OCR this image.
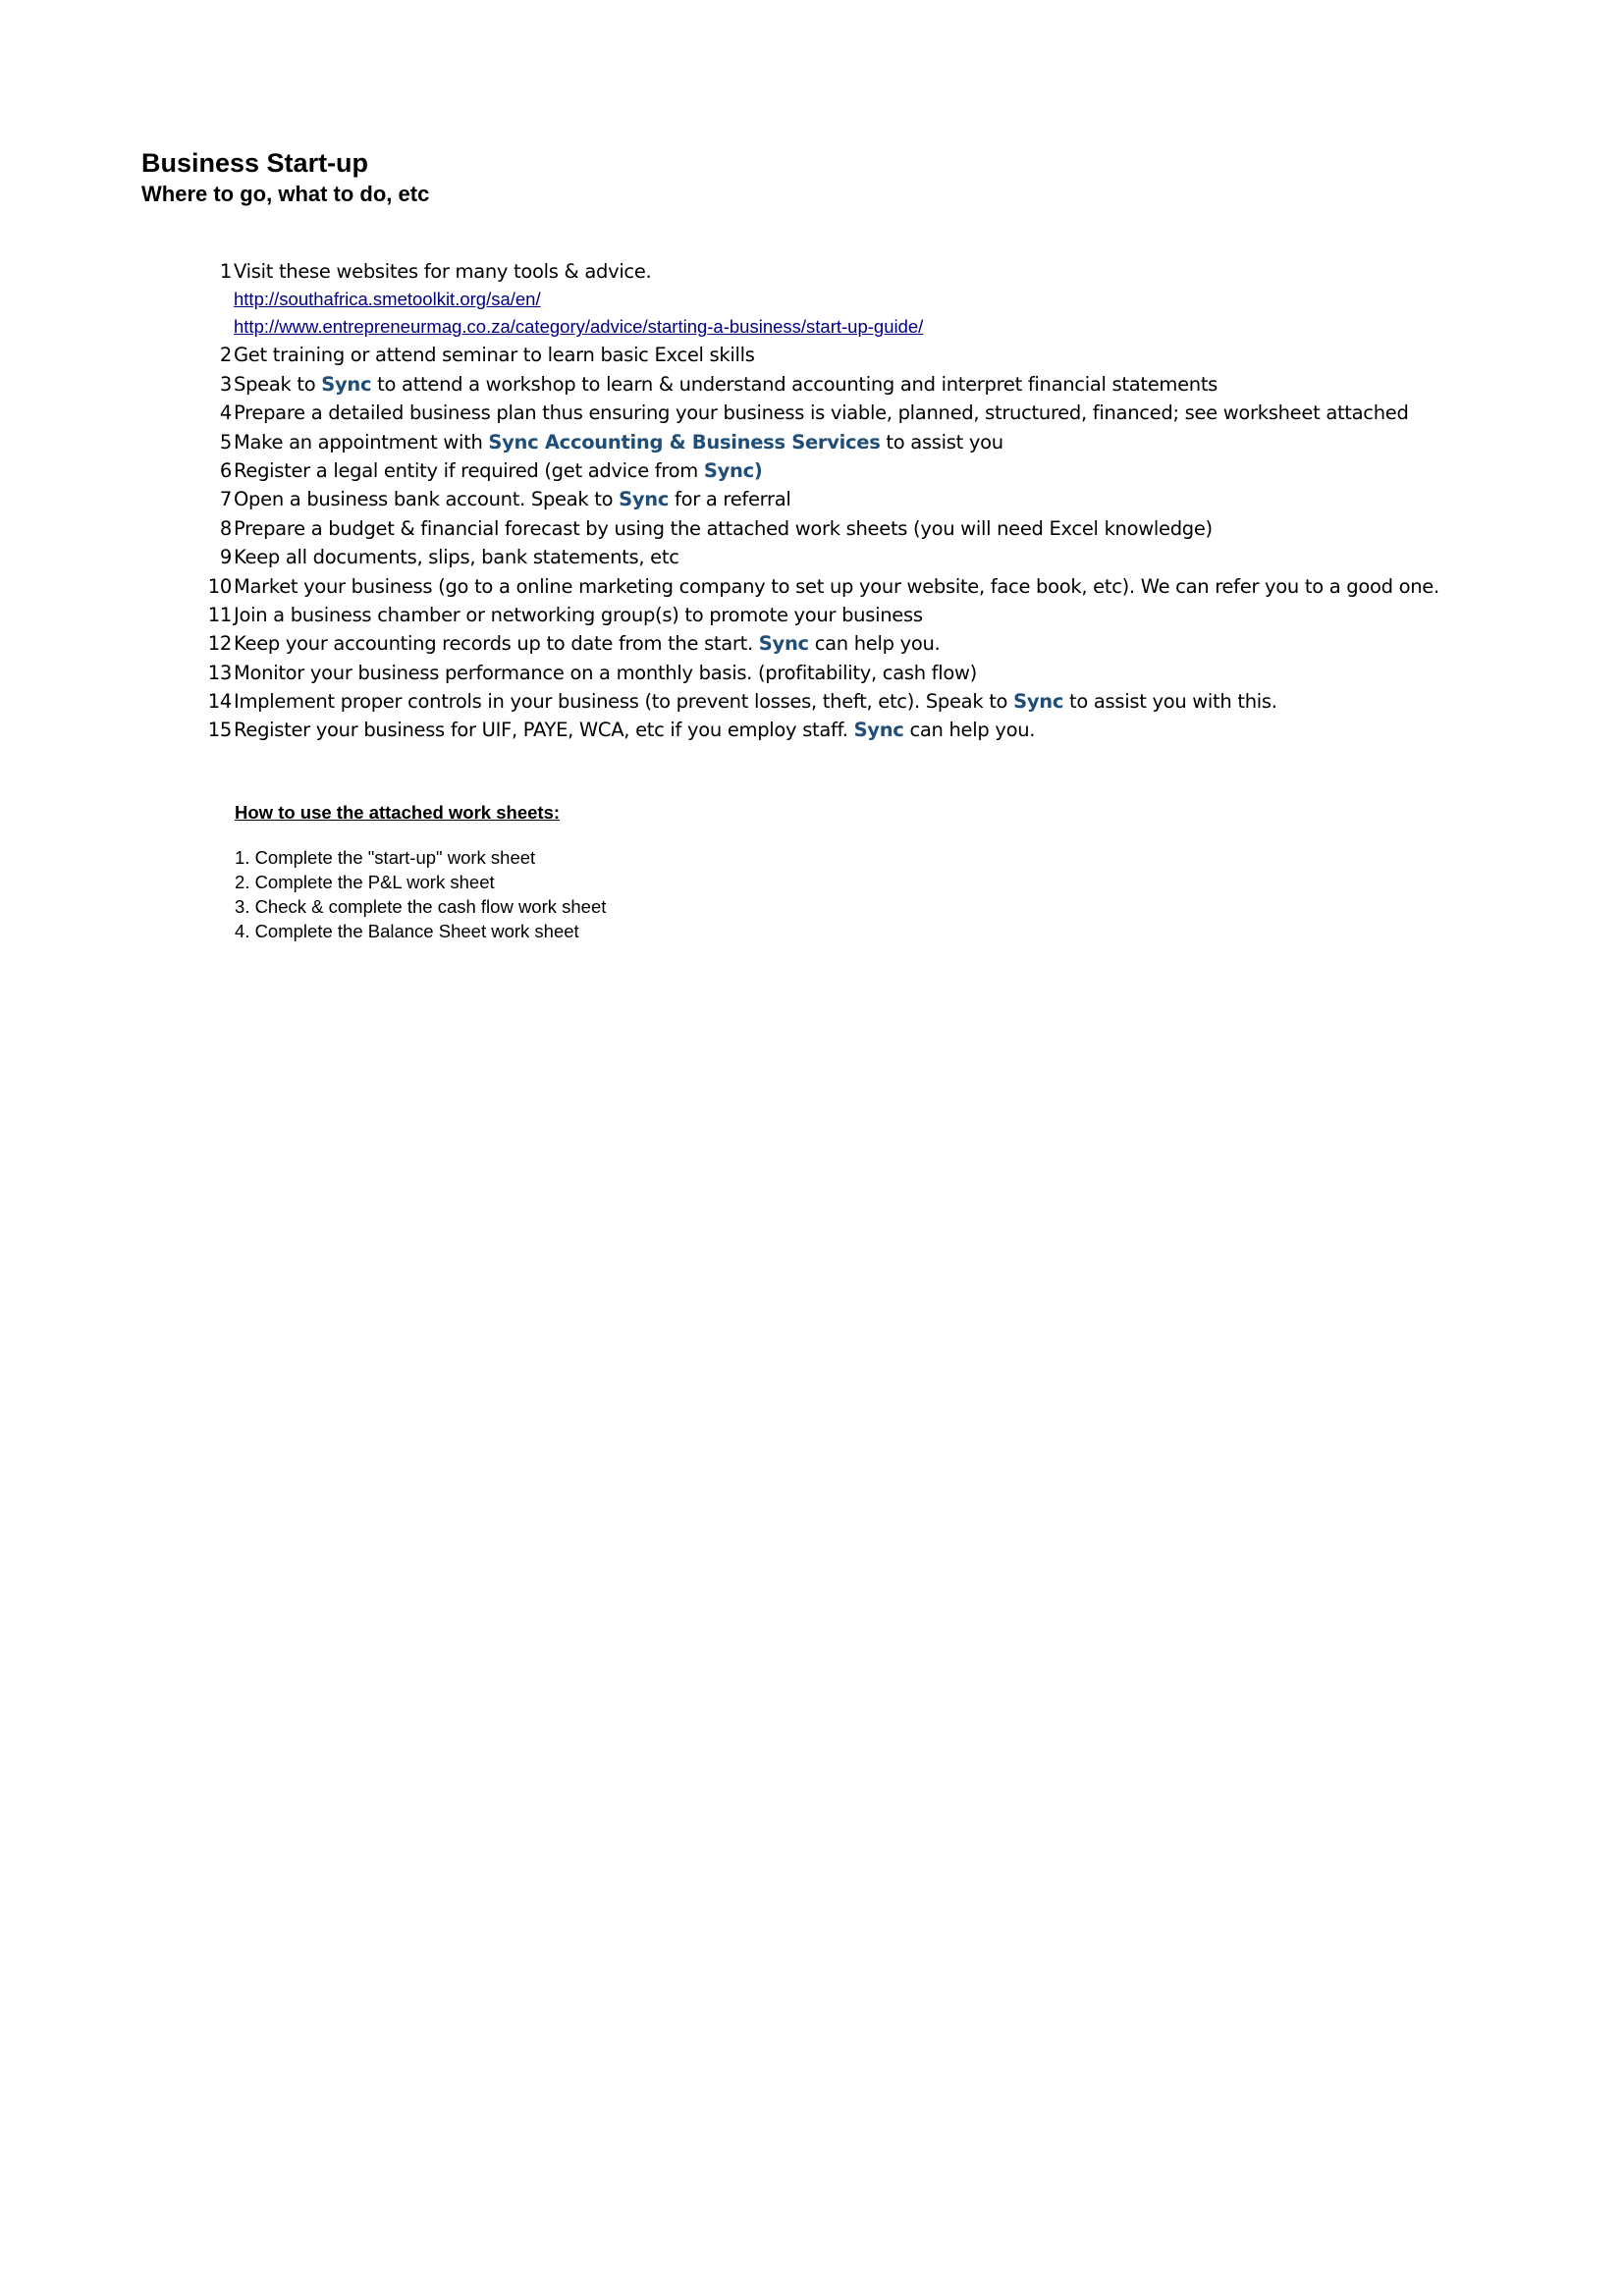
Business Start-up
Where to go, what to do, etc
1 Visit these websites for many tools & advice.
http://southafrica.smetoolkit.org/sa/en/
http://www.entrepreneurmag.co.za/category/advice/starting-a-business/start-up-guide/
2 Get training or attend seminar to learn basic Excel skills
3 Speak to Sync to attend a workshop to learn & understand accounting and interpret financial statements
4 Prepare a detailed business plan thus ensuring your business is viable, planned, structured, financed; see worksheet attached
5 Make an appointment with Sync Accounting & Business Services to assist you
6 Register a legal entity if required (get advice from Sync)
7 Open a business bank account. Speak to Sync for a referral
8 Prepare a budget & financial forecast by using the attached work sheets (you will need Excel knowledge)
9 Keep all documents, slips, bank statements, etc
10 Market your business (go to a online marketing company to set up your website, face book, etc). We can refer you to a good one.
11 Join a business chamber or networking group(s) to promote your business
12 Keep your accounting records up to date from the start. Sync can help you.
13 Monitor your business performance on a monthly basis. (profitability, cash flow)
14 Implement proper controls in your business (to prevent losses, theft, etc). Speak to Sync to assist you with this.
15 Register your business for UIF, PAYE, WCA, etc if you employ staff. Sync can help you.

How to use the attached work sheets:

1. Complete the "start-up" work sheet
2. Complete the P&L work sheet
3. Check & complete the cash flow work sheet
4. Complete the Balance Sheet work sheet
